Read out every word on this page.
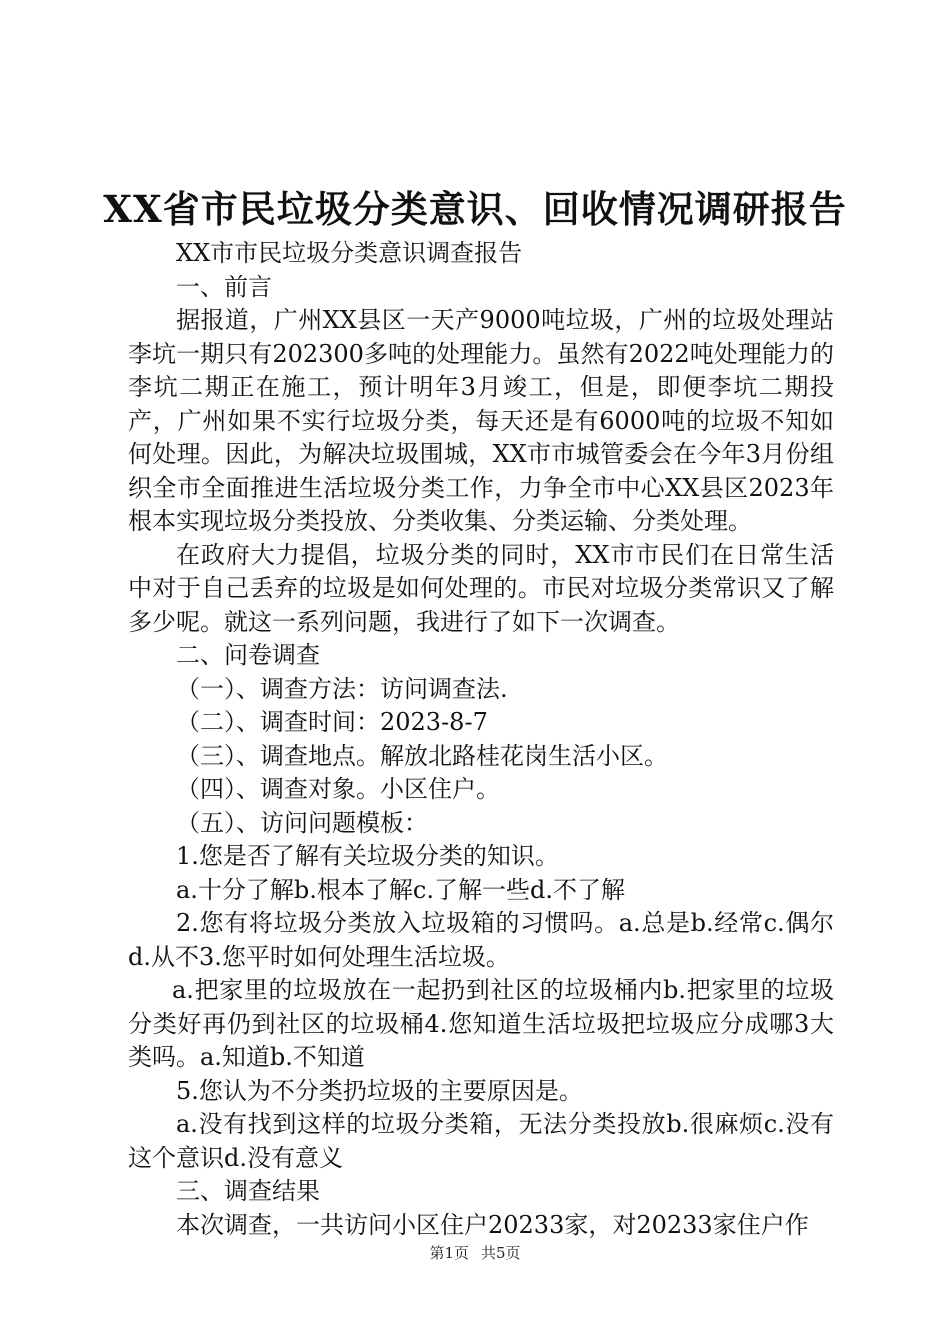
XX省市民垃圾分类意识、回收情况调研报告

XX市市民垃圾分类意识调查报告

一、前言

据报道，广州XX县区一天产9000吨垃圾，广州的垃圾处理站李坑一期只有202300多吨的处理能力。虽然有2022吨处理能力的李坑二期正在施工，预计明年3月竣工，但是，即便李坑二期投产，广州如果不实行垃圾分类，每天还是有6000吨的垃圾不知如何处理。因此，为解决垃圾围城，XX市市城管委会在今年3月份组织全市全面推进生活垃圾分类工作，力争全市中心XX县区2023年根本实现垃圾分类投放、分类收集、分类运输、分类处理。

在政府大力提倡，垃圾分类的同时，XX市市民们在日常生活中对于自己丢弃的垃圾是如何处理的。市民对垃圾分类常识又了解多少呢。就这一系列问题，我进行了如下一次调查。

二、问卷调查

（一）、调查方法：访问调查法.

（二）、调查时间：2023-8-7

（三）、调查地点。解放北路桂花岗生活小区。

（四）、调查对象。小区住户。

（五）、访问问题模板：

1.您是否了解有关垃圾分类的知识。

a.十分了解b.根本了解c.了解一些d.不了解

2.您有将垃圾分类放入垃圾箱的习惯吗。a.总是b.经常c.偶尔d.从不3.您平时如何处理生活垃圾。

a.把家里的垃圾放在一起扔到社区的垃圾桶内b.把家里的垃圾分类好再仍到社区的垃圾桶4.您知道生活垃圾把垃圾应分成哪3大类吗。a.知道b.不知道

5.您认为不分类扔垃圾的主要原因是。

a.没有找到这样的垃圾分类箱，无法分类投放b.很麻烦c.没有这个意识d.没有意义

三、调查结果

本次调查，一共访问小区住户20233家，对20233家住户作

第1页 共5页
